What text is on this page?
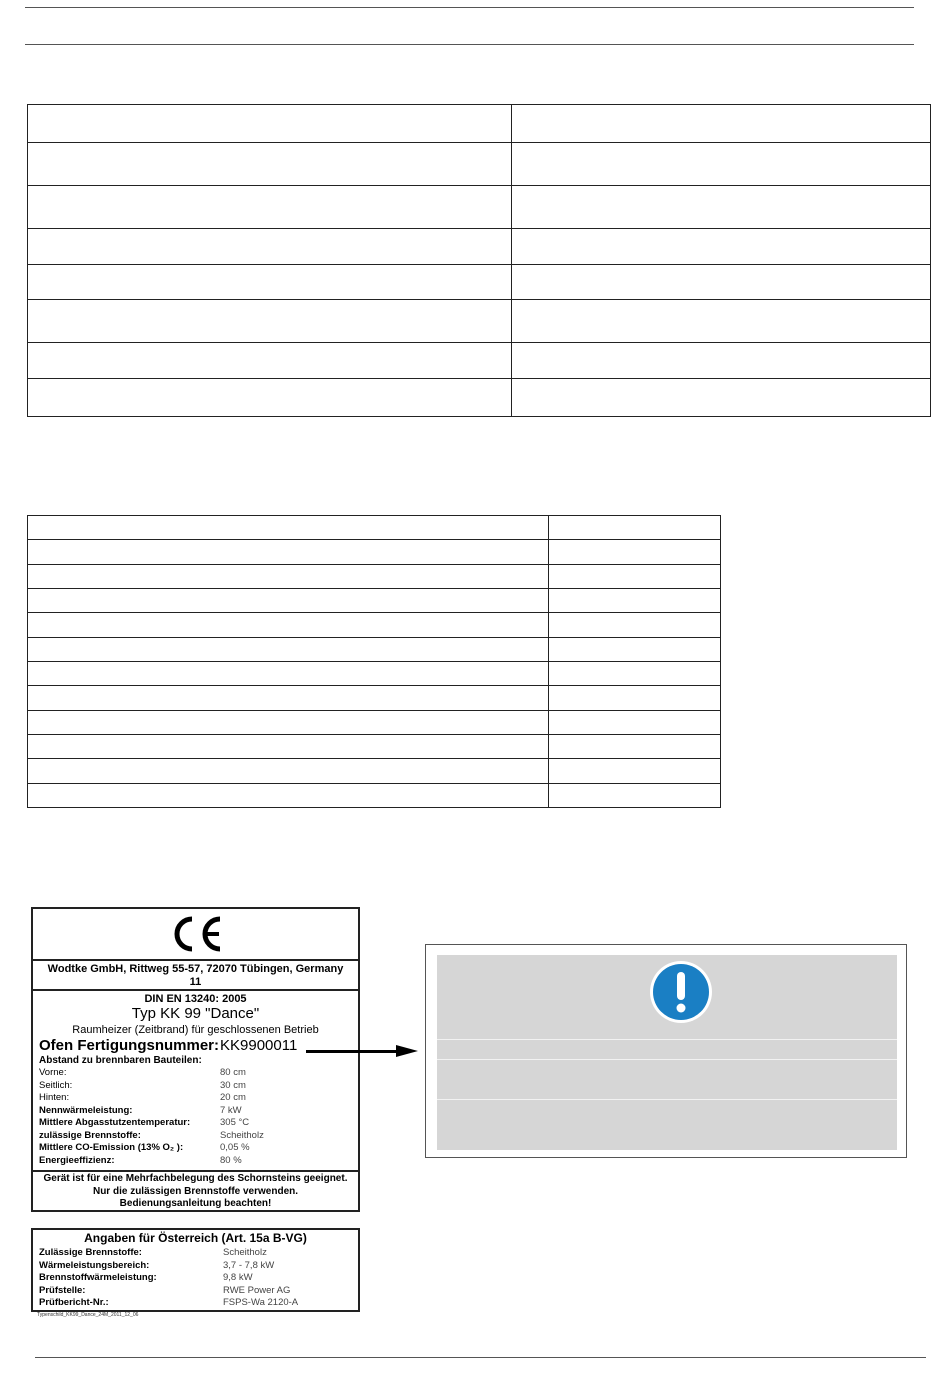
Wodtke GmbH, Rittweg 55-57, 72070 Tübingen, Germany
11
DIN EN 13240: 2005
Typ KK 99 "Dance"
Raumheizer (Zeitbrand) für geschlossenen Betrieb
Ofen Fertigungsnummer: KK9900011
Abstand zu brennbaren Bauteilen:
Vorne:	80 cm
Seitlich:	30 cm
Hinten:	20 cm
Nennwärmeleistung:	7 kW
Mittlere Abgasstutzentemperatur:	305 °C
zulässige Brennstoffe:	Scheitholz
Mittlere CO-Emission (13% O₂ ):	0,05 %
Energieeffizienz:	80 %
Gerät ist für eine Mehrfachbelegung des Schornsteins geeignet.
Nur die zulässigen Brennstoffe verwenden.
Bedienungsanleitung beachten!
Angaben für Österreich (Art. 15a B-VG)
Zulässige Brennstoffe:	Scheitholz
Wärmeleistungsbereich:	3,7 - 7,8 kW
Brennstoffwärmeleistung:	9,8 kW
Prüfstelle:	RWE Power AG
Prüfbericht-Nr.:	FSPS-Wa 2120-A
Typenschild_KK99_Dance_24M_2011_12_06
